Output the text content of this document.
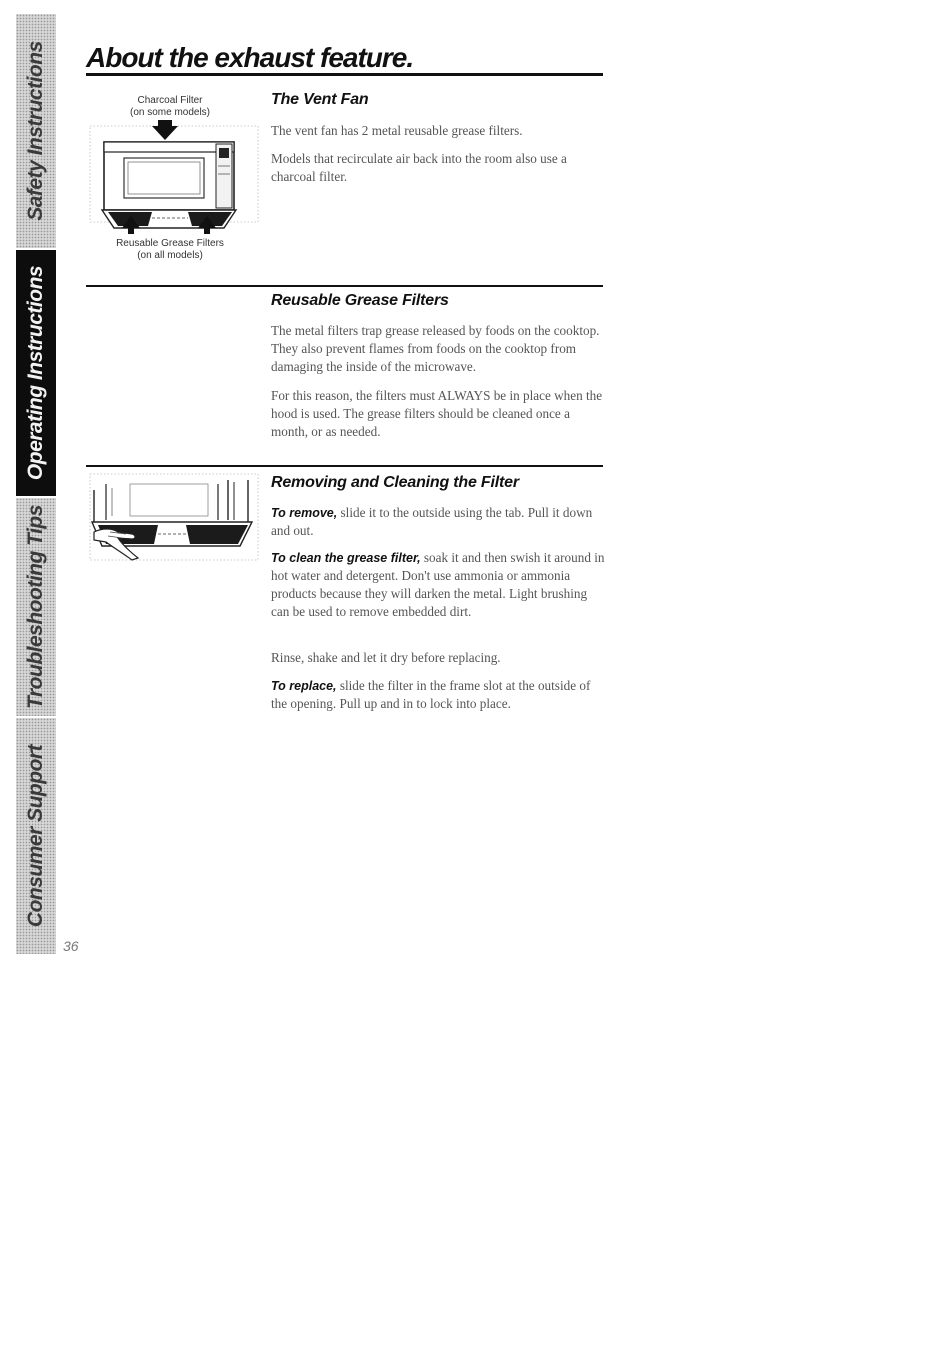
Safety Instructions
Operating Instructions
Troubleshooting Tips
Consumer Support
36
About the exhaust feature.
Charcoal Filter
(on some models)
Reusable Grease Filters
(on all models)
The Vent Fan

The vent fan has 2 metal reusable grease filters.

Models that recirculate air back into the room also use a charcoal filter.

Reusable Grease Filters

The metal filters trap grease released by foods on the cooktop. They also prevent flames from foods on the cooktop from damaging the inside of the microwave.

For this reason, the filters must ALWAYS be in place when the hood is used. The grease filters should be cleaned once a month, or as needed.

Removing and Cleaning the Filter

To remove, slide it to the outside using the tab. Pull it down and out.

To clean the grease filter, soak it and then swish it around in hot water and detergent. Don't use ammonia or ammonia products because they will darken the metal. Light brushing can be used to remove embedded dirt.

Rinse, shake and let it dry before replacing.

To replace, slide the filter in the frame slot at the outside of the opening. Pull up and in to lock into place.
